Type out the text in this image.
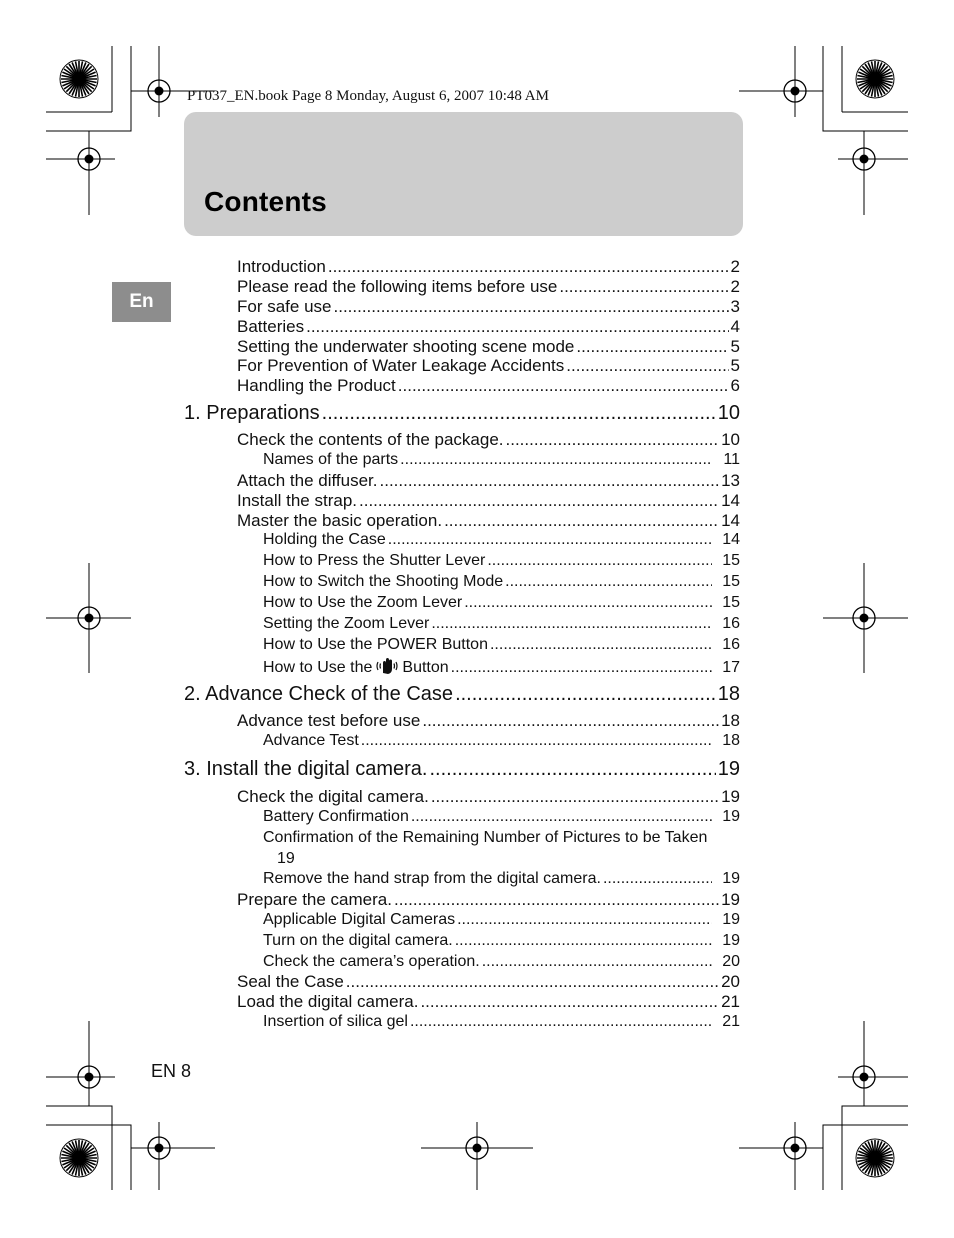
PT037_EN.book Page 8 Monday, August 6, 2007 10:48 AM
Contents
En
Introduction .....	2
Please read the following items before use .....	2
For safe use .....	3
Batteries .....	4
Setting the underwater shooting scene mode .....	5
For Prevention of Water Leakage Accidents .....	5
Handling the Product .....	6
1. Preparations .....	10
Check the contents of the package. .....	10
Names of the parts .....	11
Attach the diffuser. .....	13
Install the strap. .....	14
Master the basic operation. .....	14
Holding the Case .....	14
How to Press the Shutter Lever .....	15
How to Switch the Shooting Mode .....	15
How to Use the Zoom Lever .....	15
Setting the Zoom Lever .....	16
How to Use the POWER Button .....	16
How to Use the Button .....	17
2. Advance Check of the Case .....	18
Advance test before use .....	18
Advance Test .....	18
3. Install the digital camera. .....	19
Check the digital camera. .....	19
Battery Confirmation .....	19
Confirmation of the Remaining Number of Pictures to be Taken
19
Remove the hand strap from the digital camera. .....	19
Prepare the camera. .....	19
Applicable Digital Cameras .....	19
Turn on the digital camera. .....	19
Check the camera’s operation. .....	20
Seal the Case .....	20
Load the digital camera. .....	21
Insertion of silica gel .....	21
EN 8
